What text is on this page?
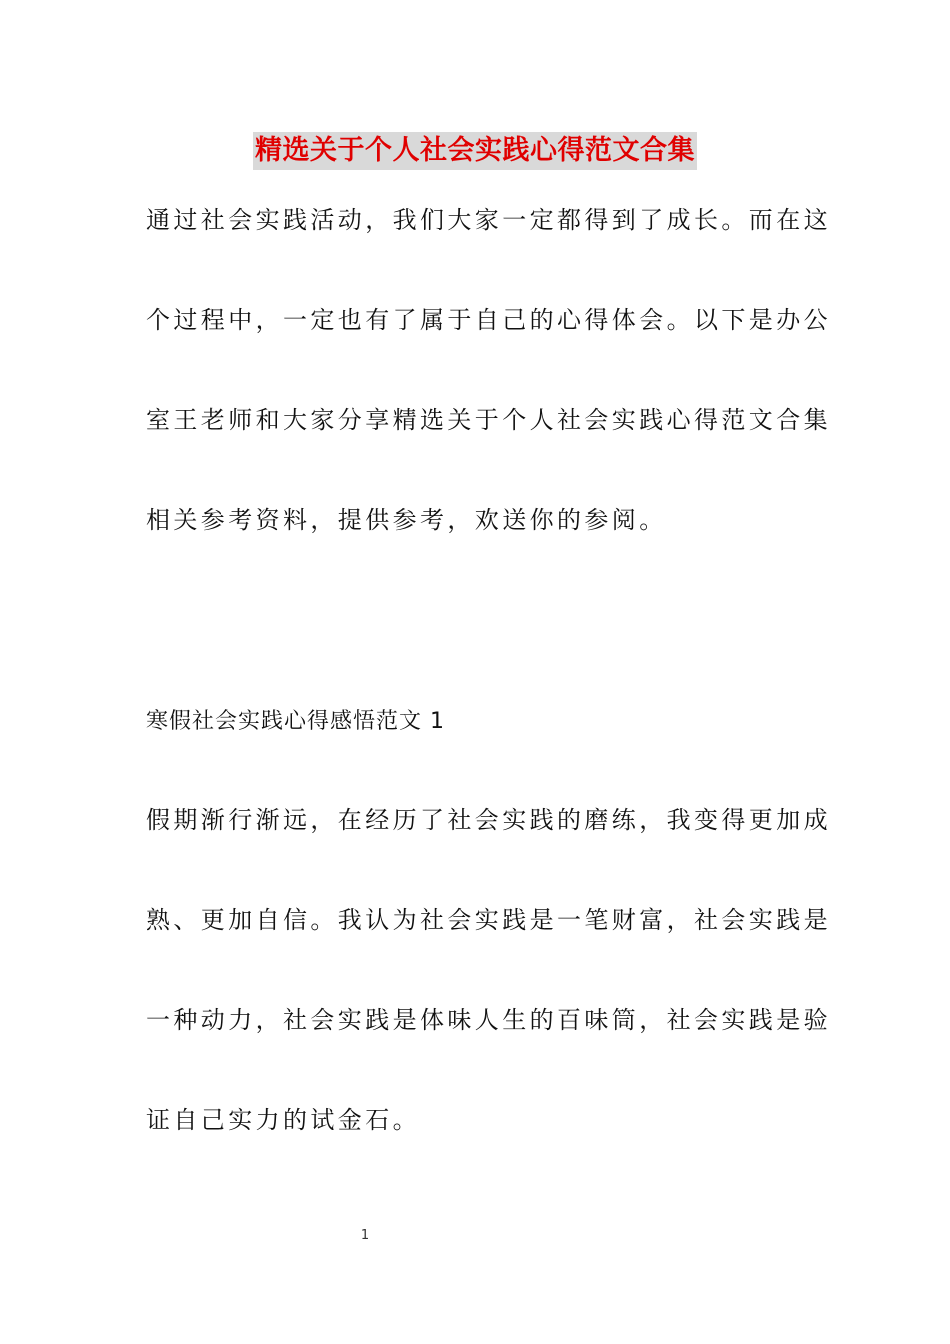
精选关于个人社会实践心得范文合集
通过社会实践活动，我们大家一定都得到了成长。而在这
个过程中，一定也有了属于自己的心得体会。以下是办公
室王老师和大家分享精选关于个人社会实践心得范文合集
相关参考资料，提供参考，欢送你的参阅。
寒假社会实践心得感悟范文 1
假期渐行渐远，在经历了社会实践的磨练，我变得更加成
熟、更加自信。我认为社会实践是一笔财富，社会实践是
一种动力，社会实践是体味人生的百味筒，社会实践是验
证自己实力的试金石。
1
